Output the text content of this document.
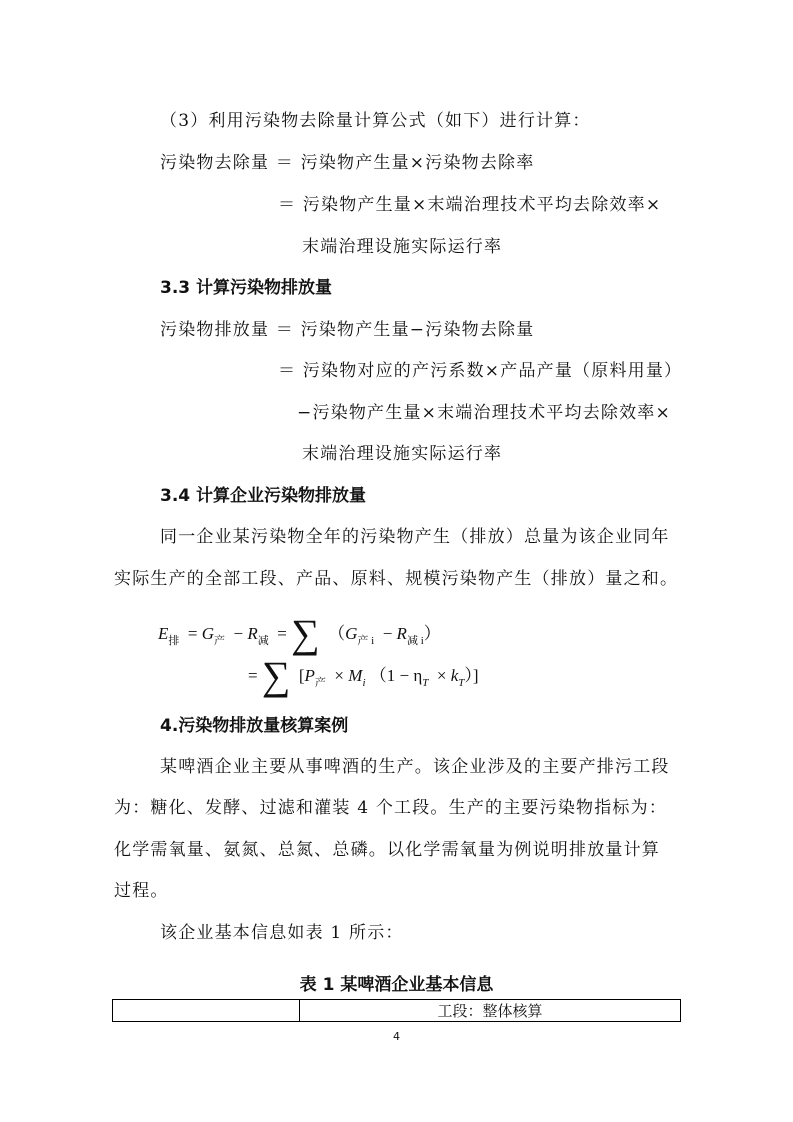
（3）利用污染物去除量计算公式（如下）进行计算：
污染物去除量 ＝ 污染物产生量×污染物去除率
＝ 污染物产生量×末端治理技术平均去除效率×
末端治理设施实际运行率
3.3 计算污染物排放量
污染物排放量 ＝ 污染物产生量−污染物去除量
＝ 污染物对应的产污系数×产品产量（原料用量）
−污染物产生量×末端治理技术平均去除效率×
末端治理设施实际运行率
3.4 计算企业污染物排放量
同一企业某污染物全年的污染物产生（排放）总量为该企业同年
实际生产的全部工段、产品、原料、规模污染物产生（排放）量之和。
$E_排 = G_产 - R_减$  = ∑  $(G_{产 i} - R_{减 i})$
= ∑  [$P_产 \times M_i$ $(1 - \eta_T \times k_T)$]
4.污染物排放量核算案例
某啤酒企业主要从事啤酒的生产。该企业涉及的主要产排污工段
为：糖化、发酵、过滤和灌装 4 个工段。生产的主要污染物指标为：
化学需氧量、氨氮、总氮、总磷。以化学需氧量为例说明排放量计算
过程。
该企业基本信息如表 1 所示：
表 1 某啤酒企业基本信息
	工段：整体核算
4
